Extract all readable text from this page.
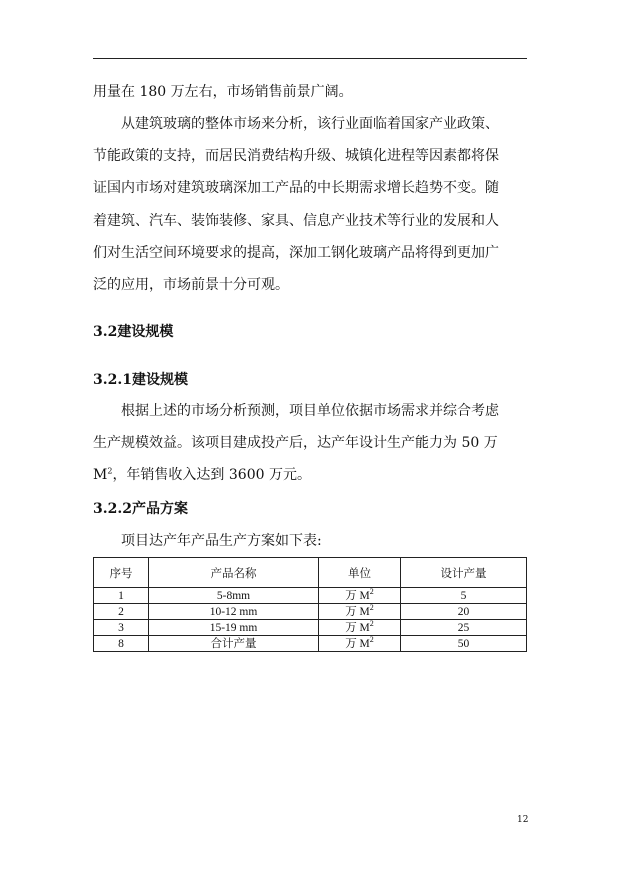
用量在 180 万左右，市场销售前景广阔。

从建筑玻璃的整体市场来分析，该行业面临着国家产业政策、
节能政策的支持，而居民消费结构升级、城镇化进程等因素都将保
证国内市场对建筑玻璃深加工产品的中长期需求增长趋势不变。随
着建筑、汽车、装饰装修、家具、信息产业技术等行业的发展和人
们对生活空间环境要求的提高，深加工钢化玻璃产品将得到更加广
泛的应用，市场前景十分可观。

3.2建设规模
3.2.1建设规模

根据上述的市场分析预测，项目单位依据市场需求并综合考虑
生产规模效益。该项目建成投产后，达产年设计生产能力为 50 万
$M^2$，年销售收入达到 3600 万元。

3.2.2产品方案

项目达产年产品生产方案如下表:

序号	产品名称	单位	设计产量
1	5-8mm	万 $M^2$	5
2	10-12 mm	万 $M^2$	20
3	15-19 mm	万 $M^2$	25
8	合计产量	万 $M^2$	50
12
